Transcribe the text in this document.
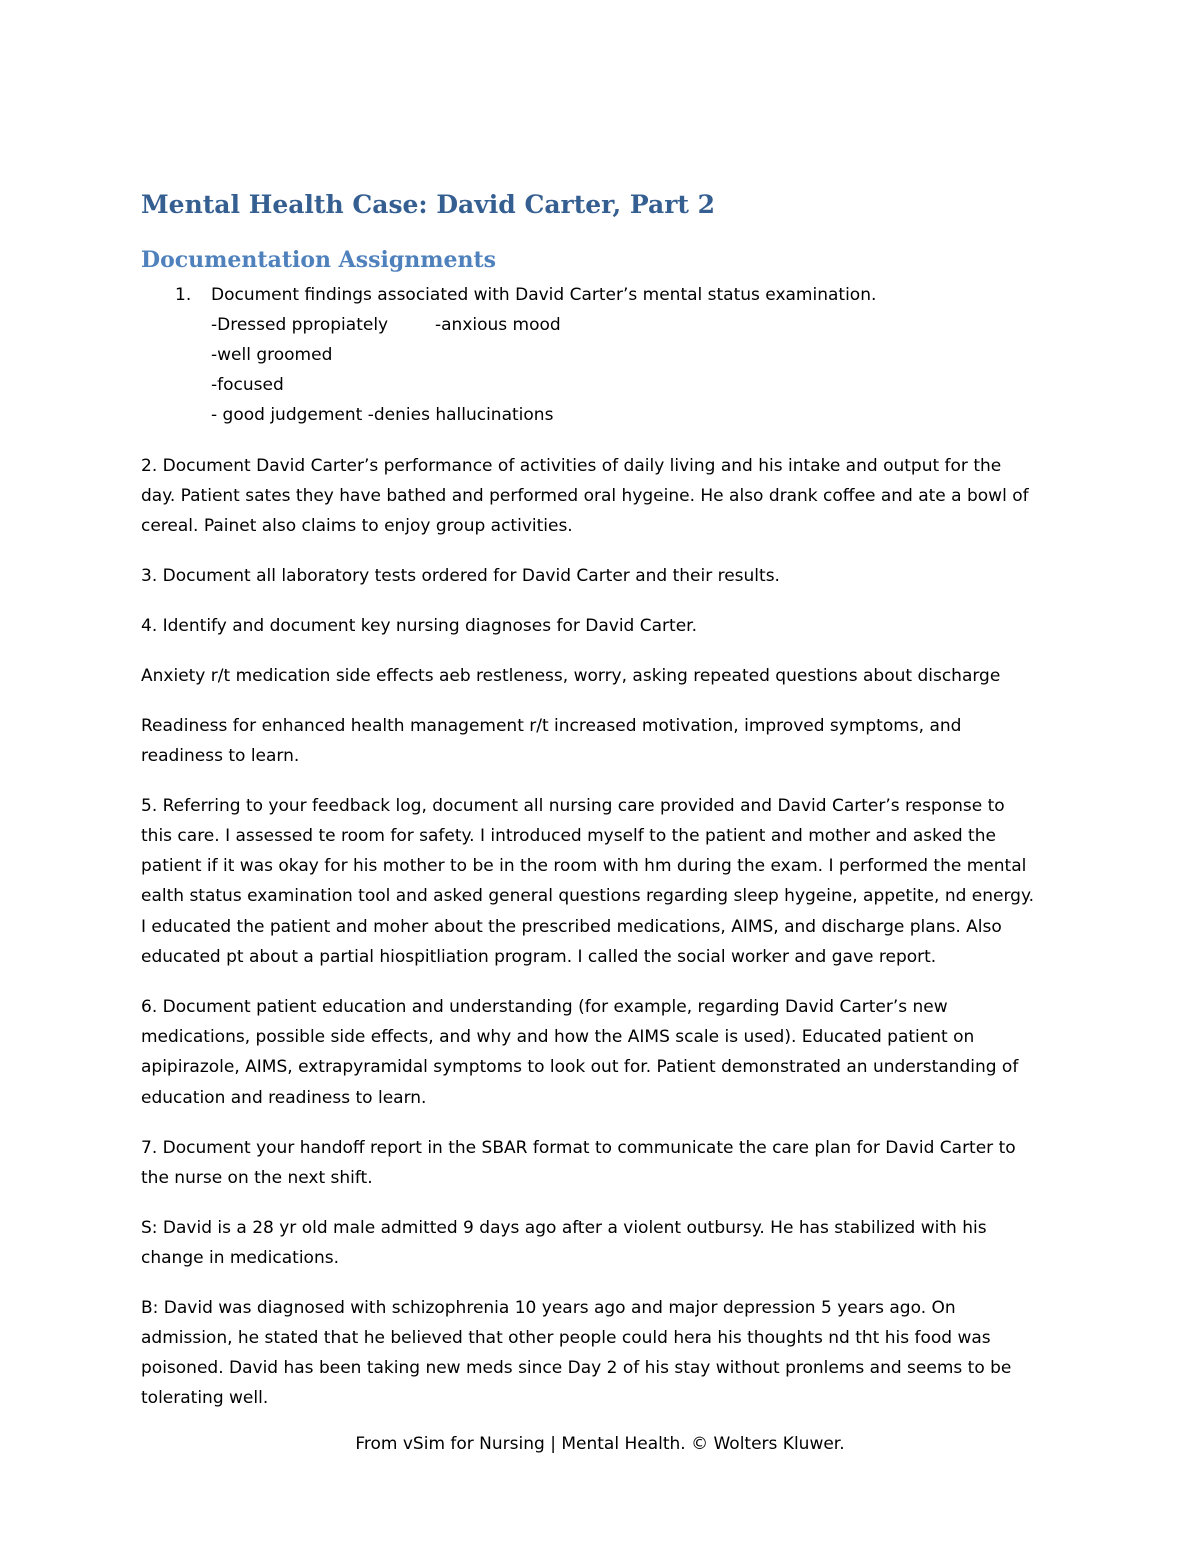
Mental Health Case: David Carter, Part 2
Documentation Assignments
1. Document findings associated with David Carter’s mental status examination.
-Dressed ppropiately	-anxious mood
-well groomed
-focused
- good judgement -denies hallucinations
2. Document David Carter’s performance of activities of daily living and his intake and output for the
day. Patient sates they have bathed and performed oral hygeine. He also drank coffee and ate a bowl of
cereal. Painet also claims to enjoy group activities.
3. Document all laboratory tests ordered for David Carter and their results.
4. Identify and document key nursing diagnoses for David Carter.
Anxiety r/t medication side effects aeb restleness, worry, asking repeated questions about discharge
Readiness for enhanced health management r/t increased motivation, improved symptoms, and
readiness to learn.
5. Referring to your feedback log, document all nursing care provided and David Carter’s response to
this care. I assessed te room for safety. I introduced myself to the patient and mother and asked the
patient if it was okay for his mother to be in the room with hm during the exam. I performed the mental
ealth status examination tool and asked general questions regarding sleep hygeine, appetite, nd energy.
I educated the patient and moher about the prescribed medications, AIMS, and discharge plans. Also
educated pt about a partial hiospitliation program. I called the social worker and gave report.
6. Document patient education and understanding (for example, regarding David Carter’s new
medications, possible side effects, and why and how the AIMS scale is used). Educated patient on
apipirazole, AIMS, extrapyramidal symptoms to look out for. Patient demonstrated an understanding of
education and readiness to learn.
7. Document your handoff report in the SBAR format to communicate the care plan for David Carter to
the nurse on the next shift.
S: David is a 28 yr old male admitted 9 days ago after a violent outbursy. He has stabilized with his
change in medications.
B: David was diagnosed with schizophrenia 10 years ago and major depression 5 years ago. On
admission, he stated that he believed that other people could hera his thoughts nd tht his food was
poisoned. David has been taking new meds since Day 2 of his stay without pronlems and seems to be
tolerating well.
From vSim for Nursing | Mental Health. © Wolters Kluwer.
